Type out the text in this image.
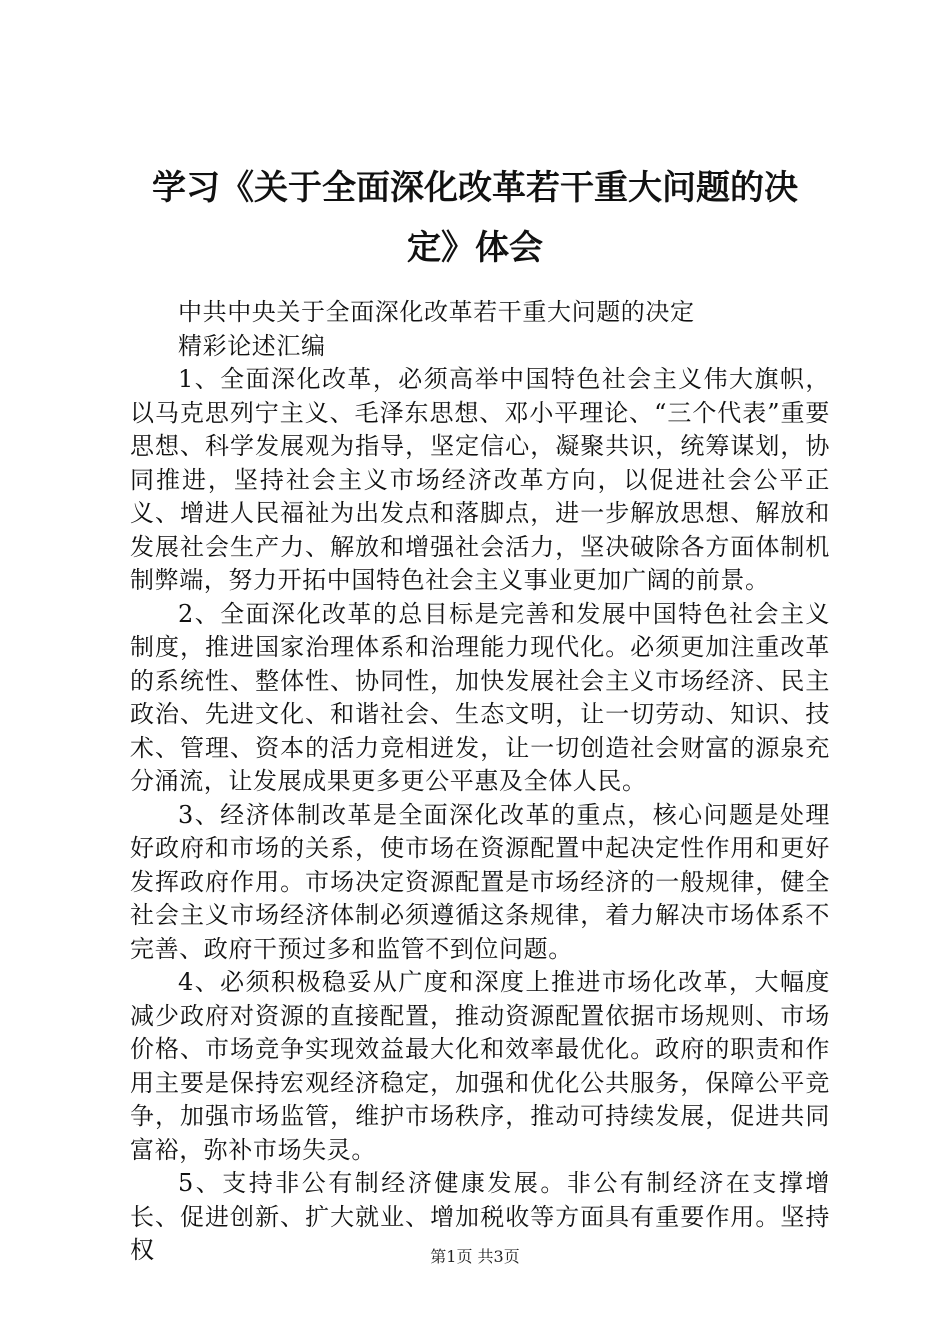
学习《关于全面深化改革若干重大问题的决
定》体会

中共中央关于全面深化改革若干重大问题的决定

精彩论述汇编

1、全面深化改革，必须高举中国特色社会主义伟大旗帜，以马克思列宁主义、毛泽东思想、邓小平理论、“三个代表”重要思想、科学发展观为指导，坚定信心，凝聚共识，统筹谋划，协同推进，坚持社会主义市场经济改革方向，以促进社会公平正义、增进人民福祉为出发点和落脚点，进一步解放思想、解放和发展社会生产力、解放和增强社会活力，坚决破除各方面体制机制弊端，努力开拓中国特色社会主义事业更加广阔的前景。

2、全面深化改革的总目标是完善和发展中国特色社会主义制度，推进国家治理体系和治理能力现代化。必须更加注重改革的系统性、整体性、协同性，加快发展社会主义市场经济、民主政治、先进文化、和谐社会、生态文明，让一切劳动、知识、技术、管理、资本的活力竞相迸发，让一切创造社会财富的源泉充分涌流，让发展成果更多更公平惠及全体人民。

3、经济体制改革是全面深化改革的重点，核心问题是处理好政府和市场的关系，使市场在资源配置中起决定性作用和更好发挥政府作用。市场决定资源配置是市场经济的一般规律，健全社会主义市场经济体制必须遵循这条规律，着力解决市场体系不完善、政府干预过多和监管不到位问题。

4、必须积极稳妥从广度和深度上推进市场化改革，大幅度减少政府对资源的直接配置，推动资源配置依据市场规则、市场价格、市场竞争实现效益最大化和效率最优化。政府的职责和作用主要是保持宏观经济稳定，加强和优化公共服务，保障公平竞争，加强市场监管，维护市场秩序，推动可持续发展，促进共同富裕，弥补市场失灵。

5、支持非公有制经济健康发展。非公有制经济在支撑增长、促进创新、扩大就业、增加税收等方面具有重要作用。坚持权	第1页 共3页
